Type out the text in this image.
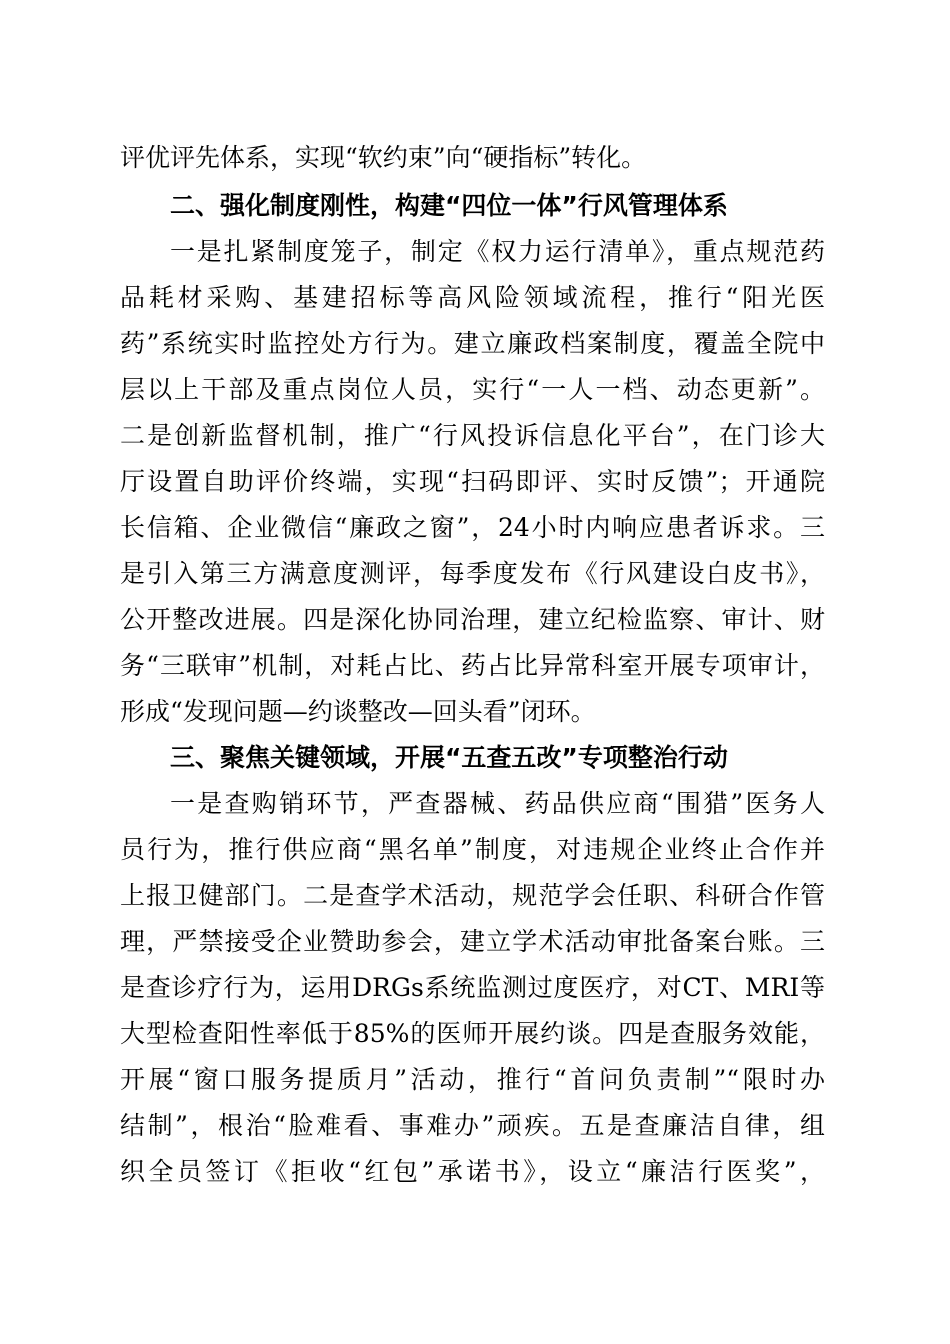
评优评先体系，实现“软约束”向“硬指标”转化。
二、强化制度刚性，构建“四位一体”行风管理体系
一是扎紧制度笼子，制定《权力运行清单》，重点规范药
品耗材采购、基建招标等高风险领域流程，推行“阳光医
药”系统实时监控处方行为。建立廉政档案制度，覆盖全院中
层以上干部及重点岗位人员，实行“一人一档、动态更新”。
二是创新监督机制，推广“行风投诉信息化平台”，在门诊大
厅设置自助评价终端，实现“扫码即评、实时反馈”；开通院
长信箱、企业微信“廉政之窗”，24小时内响应患者诉求。三
是引入第三方满意度测评，每季度发布《行风建设白皮书》，
公开整改进展。四是深化协同治理，建立纪检监察、审计、财
务“三联审”机制，对耗占比、药占比异常科室开展专项审计，
形成“发现问题—约谈整改—回头看”闭环。
三、聚焦关键领域，开展“五查五改”专项整治行动
一是查购销环节，严查器械、药品供应商“围猎”医务人
员行为，推行供应商“黑名单”制度，对违规企业终止合作并
上报卫健部门。二是查学术活动，规范学会任职、科研合作管
理，严禁接受企业赞助参会，建立学术活动审批备案台账。三
是查诊疗行为，运用DRGs系统监测过度医疗，对CT、MRI等
大型检查阳性率低于85%的医师开展约谈。四是查服务效能，
开展“窗口服务提质月”活动，推行“首问负责制”“限时办
结制”，根治“脸难看、事难办”顽疾。五是查廉洁自律，组
织全员签订《拒收“红包”承诺书》，设立“廉洁行医奖”，
